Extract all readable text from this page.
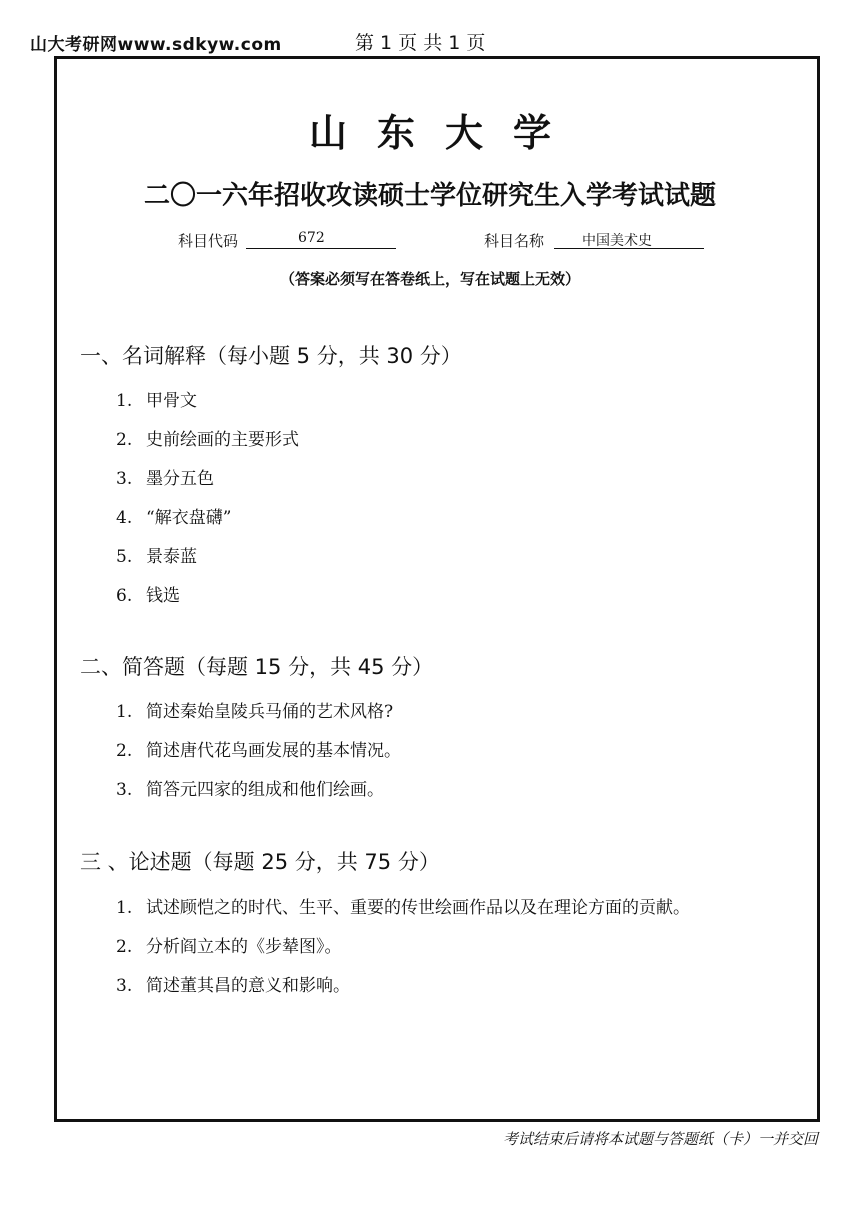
山大考研网www.sdkyw.com	第 1 页 共 1 页
山东大学
二〇一六年招收攻读硕士学位研究生入学考试试题
科目代码	672	科目名称	中国美术史
（答案必须写在答卷纸上，写在试题上无效）
一、名词解释（每小题 5 分，共 30 分）
1. 甲骨文
2. 史前绘画的主要形式
3. 墨分五色
4. “解衣盘礴”
5. 景泰蓝
6. 钱选
二、简答题（每题 15 分，共 45 分）
1. 简述秦始皇陵兵马俑的艺术风格?
2. 简述唐代花鸟画发展的基本情况。
3. 简答元四家的组成和他们绘画。
三 、论述题（每题 25 分，共 75 分）
1. 试述顾恺之的时代、生平、重要的传世绘画作品以及在理论方面的贡献。
2. 分析阎立本的《步辇图》。
3. 简述董其昌的意义和影响。
考试结束后请将本试题与答题纸（卡）一并交回
